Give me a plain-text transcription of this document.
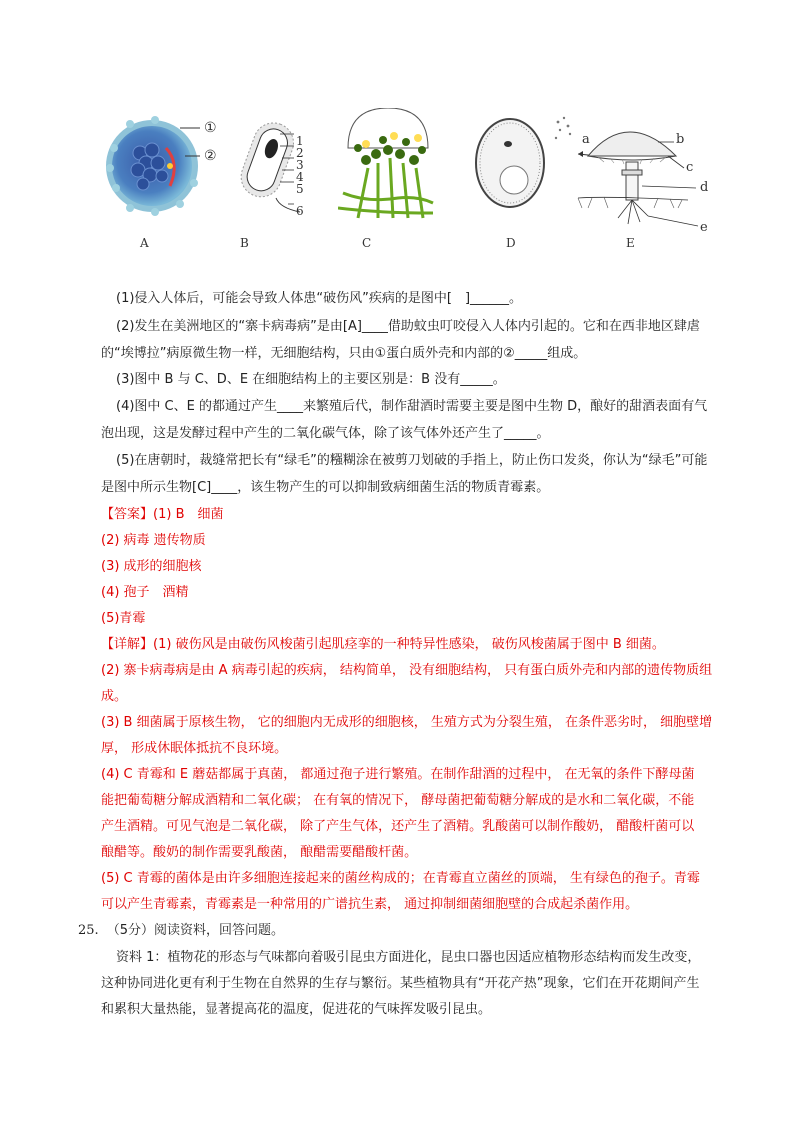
①
②
A
1
2
3
4
5
6
B	C	D
a	b
c
d
e
E
(1)侵入人体后，可能会导致人体患“破伤风”疾病的是图中[　]______。
(2)发生在美洲地区的“寨卡病毒病”是由[A]____借助蚊虫叮咬侵入人体内引起的。它和在西非地区肆虐
的“埃博拉”病原微生物一样，无细胞结构，只由①蛋白质外壳和内部的②_____组成。
(3)图中 B 与 C、D、E 在细胞结构上的主要区别是：B 没有_____。
(4)图中 C、E 的都通过产生____来繁殖后代，制作甜酒时需要主要是图中生物 D，酿好的甜酒表面有气
泡出现，这是发酵过程中产生的二氧化碳气体，除了该气体外还产生了_____。
(5)在唐朝时，裁缝常把长有“绿毛”的糨糊涂在被剪刀划破的手指上，防止伤口发炎，你认为“绿毛”可能
是图中所示生物[C]____，该生物产生的可以抑制致病细菌生活的物质青霉素。
【答案】(1) B　细菌
(2) 病毒 遗传物质
(3) 成形的细胞核
(4) 孢子　酒精
(5)青霉
【详解】(1) 破伤风是由破伤风梭菌引起肌痉挛的一种特异性感染， 破伤风梭菌属于图中 B 细菌。
(2) 寨卡病毒病是由 A 病毒引起的疾病， 结构简单， 没有细胞结构， 只有蛋白质外壳和内部的遗传物质组
成。
(3) B 细菌属于原核生物， 它的细胞内无成形的细胞核， 生殖方式为分裂生殖， 在条件恶劣时， 细胞壁增
厚， 形成休眠体抵抗不良环境。
(4) C 青霉和 E 蘑菇都属于真菌， 都通过孢子进行繁殖。在制作甜酒的过程中， 在无氧的条件下酵母菌
能把葡萄糖分解成酒精和二氧化碳； 在有氧的情况下， 酵母菌把葡萄糖分解成的是水和二氧化碳，不能
产生酒精。可见气泡是二氧化碳， 除了产生气体，还产生了酒精。乳酸菌可以制作酸奶， 醋酸杆菌可以
酿醋等。酸奶的制作需要乳酸菌， 酿醋需要醋酸杆菌。
(5) C 青霉的菌体是由许多细胞连接起来的菌丝构成的；在青霉直立菌丝的顶端， 生有绿色的孢子。青霉
可以产生青霉素，青霉素是一种常用的广谱抗生素， 通过抑制细菌细胞壁的合成起杀菌作用。
25. （5分）阅读资料，回答问题。
资料 1：植物花的形态与气味都向着吸引昆虫方面进化，昆虫口器也因适应植物形态结构而发生改变，
这种协同进化更有利于生物在自然界的生存与繁衍。某些植物具有“开花产热”现象，它们在开花期间产生
和累积大量热能，显著提高花的温度，促进花的气味挥发吸引昆虫。
